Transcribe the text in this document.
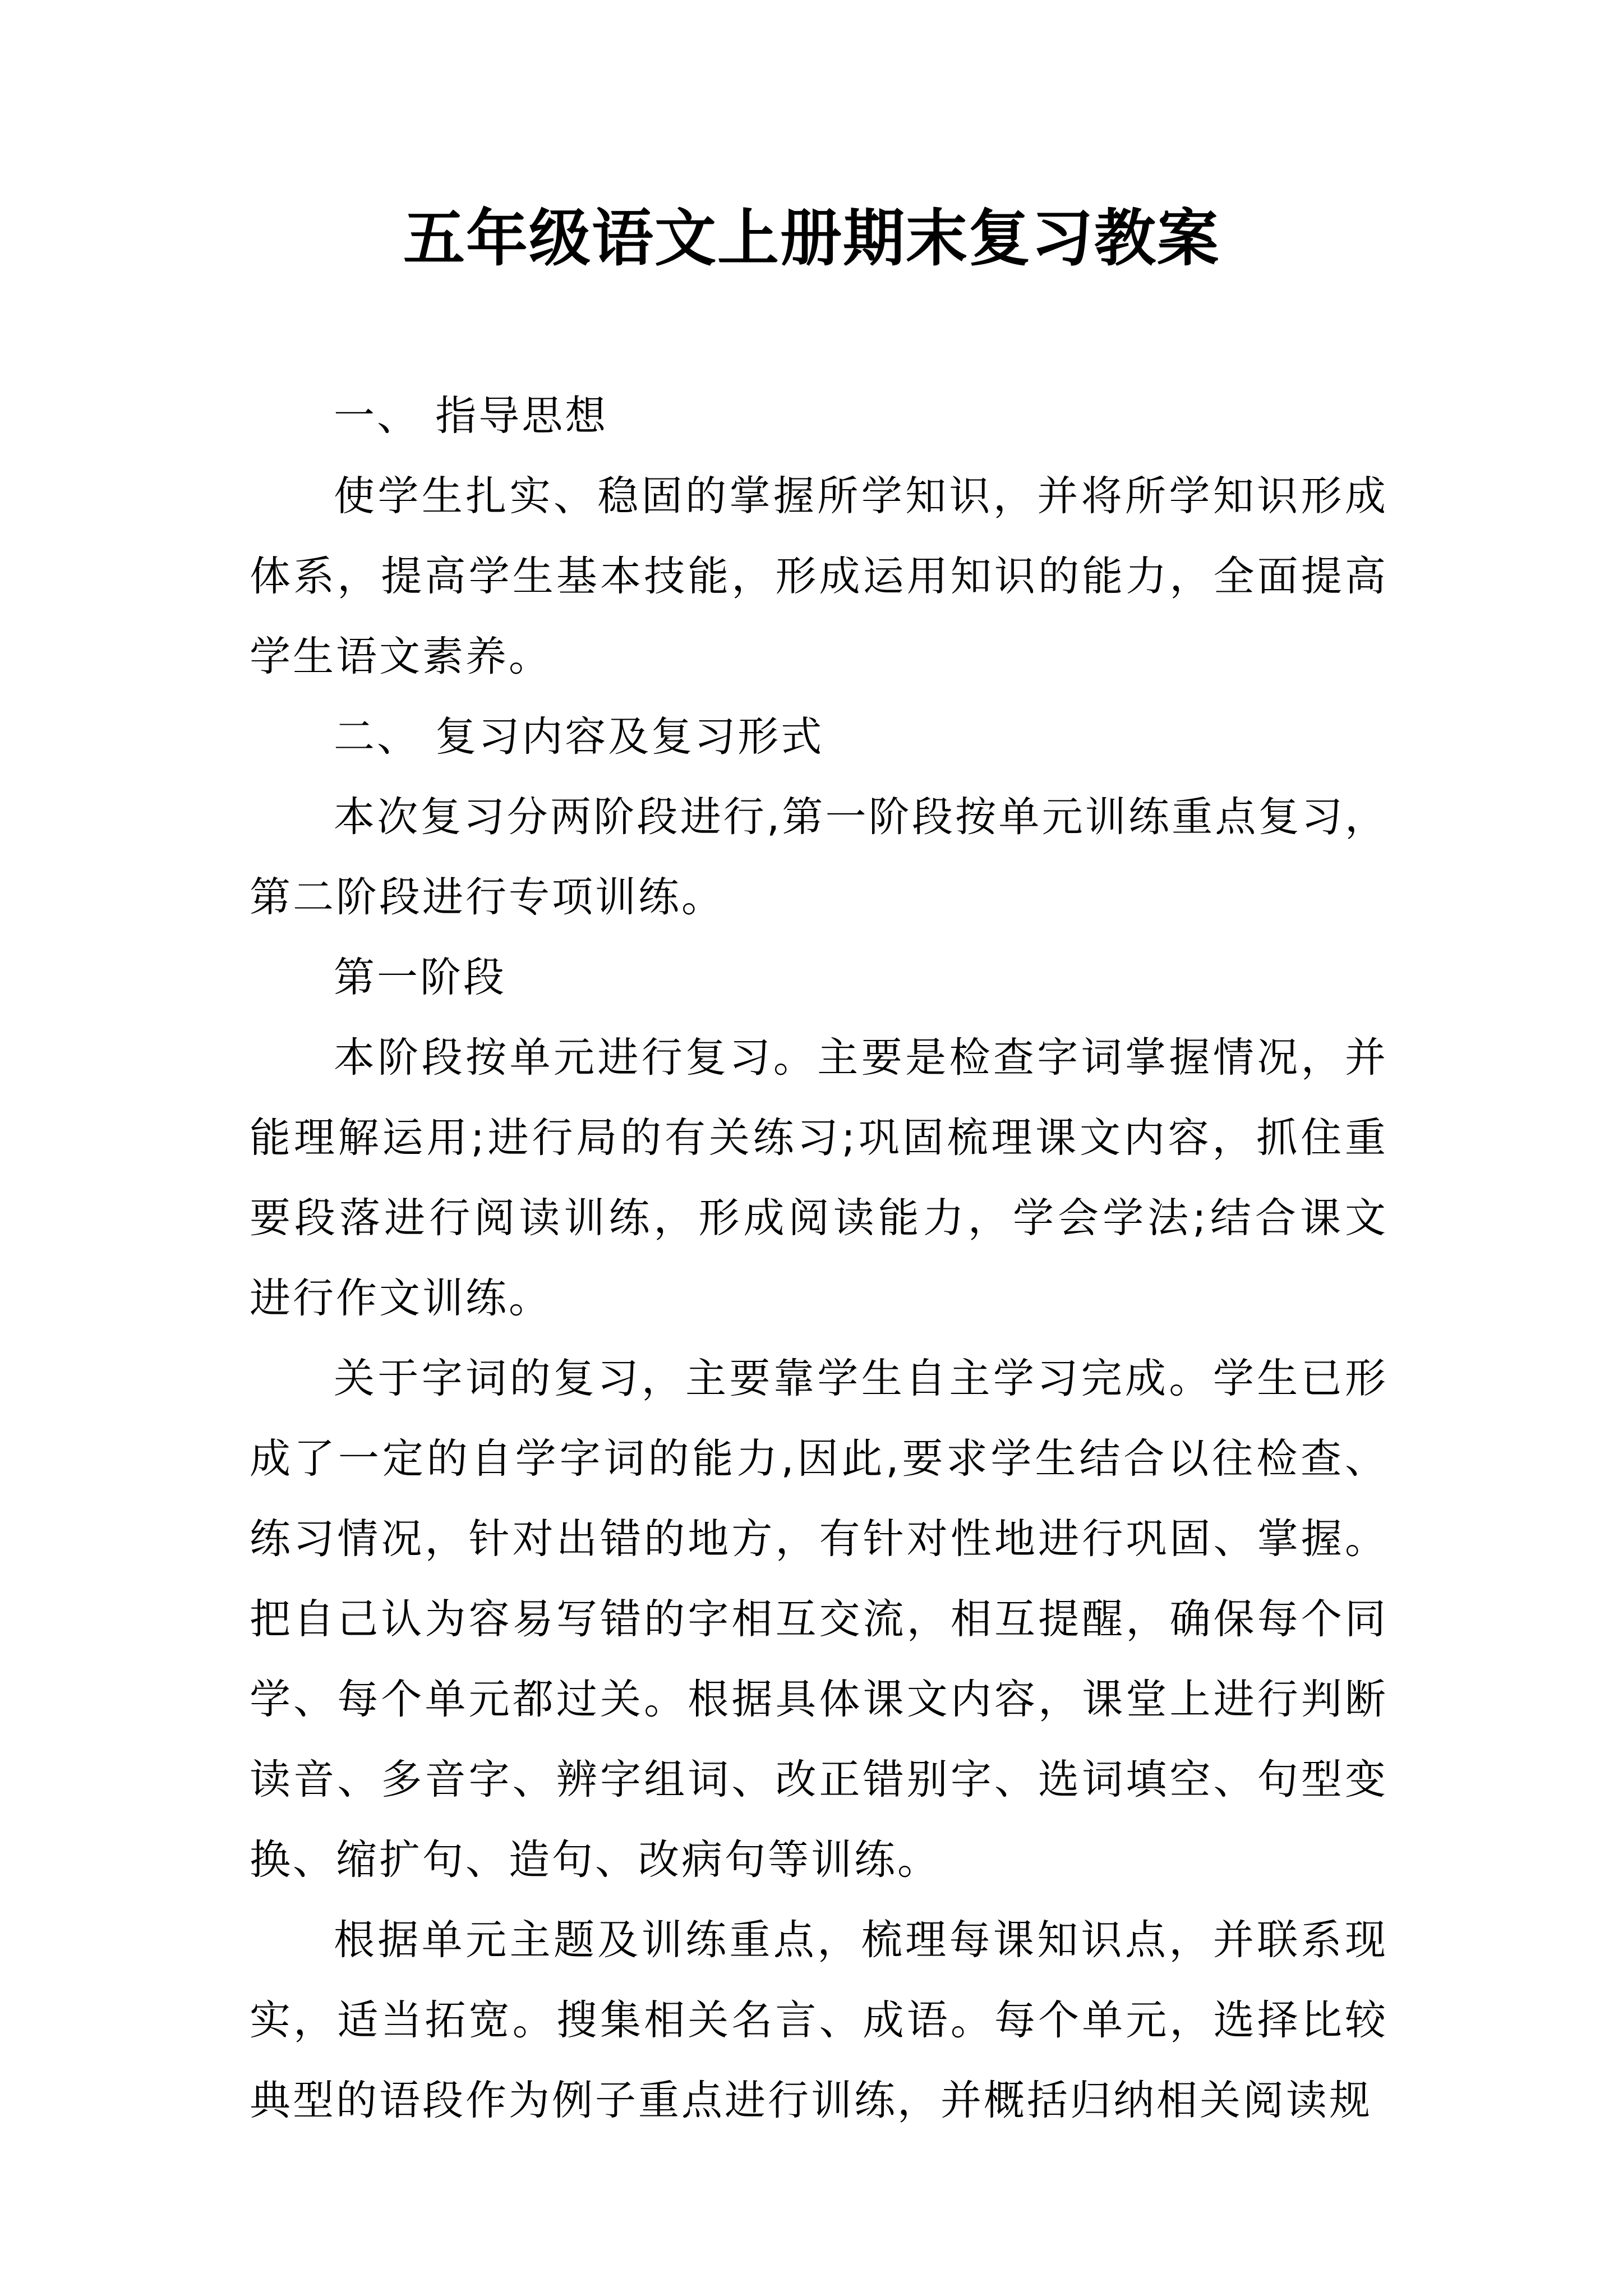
五年级语文上册期末复习教案

一、 指导思想

使学生扎实、稳固的掌握所学知识，并将所学知识形成体系，提高学生基本技能，形成运用知识的能力，全面提高学生语文素养。

二、 复习内容及复习形式

本次复习分两阶段进行,第一阶段按单元训练重点复习，第二阶段进行专项训练。

第一阶段

本阶段按单元进行复习。主要是检查字词掌握情况，并能理解运用;进行局的有关练习;巩固梳理课文内容，抓住重要段落进行阅读训练，形成阅读能力，学会学法;结合课文进行作文训练。

关于字词的复习，主要靠学生自主学习完成。学生已形成了一定的自学字词的能力,因此,要求学生结合以往检查、练习情况，针对出错的地方，有针对性地进行巩固、掌握。把自己认为容易写错的字相互交流，相互提醒，确保每个同学、每个单元都过关。根据具体课文内容，课堂上进行判断读音、多音字、辨字组词、改正错别字、选词填空、句型变换、缩扩句、造句、改病句等训练。

根据单元主题及训练重点，梳理每课知识点，并联系现实，适当拓宽。搜集相关名言、成语。每个单元，选择比较典型的语段作为例子重点进行训练，并概括归纳相关阅读规
